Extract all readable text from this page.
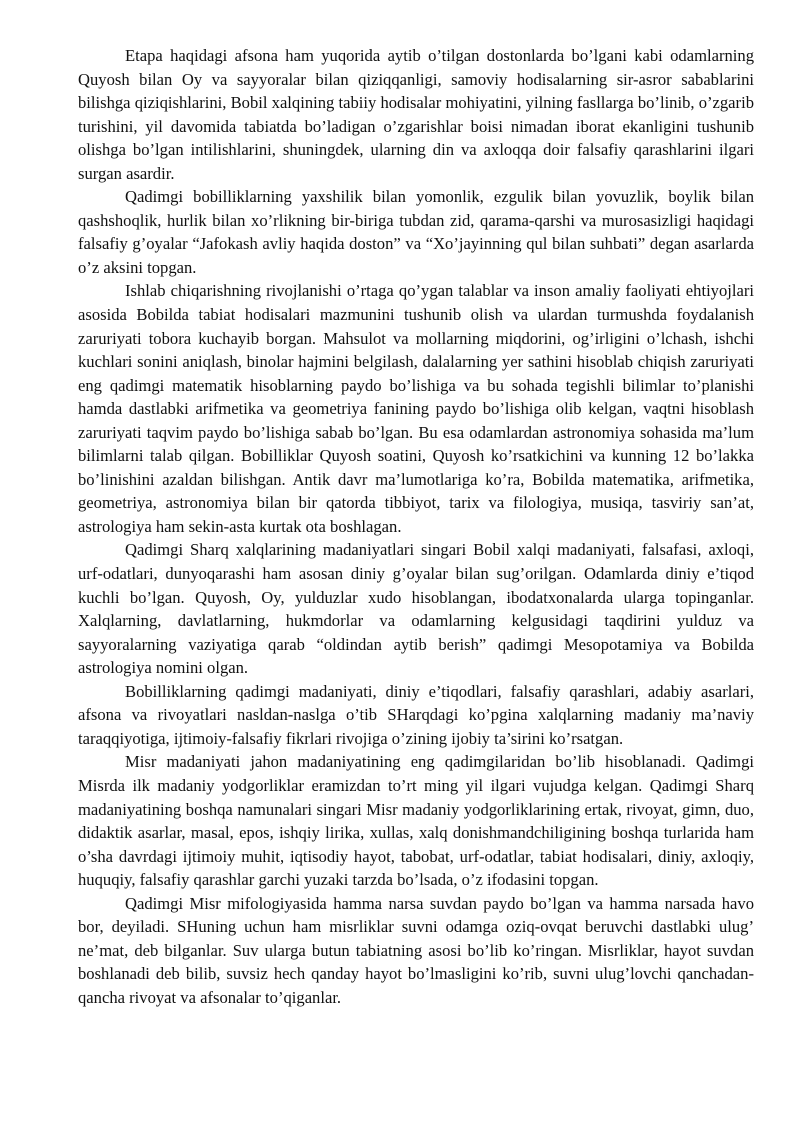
Etapa haqidagi afsona ham yuqorida aytib o’tilgan dostonlarda bo’lgani kabi odamlarning Quyosh bilan Oy va sayyoralar bilan qiziqqanligi, samoviy hodisalarning sir-asror sabablarini bilishga qiziqishlarini, Bobil xalqining tabiiy hodisalar mohiyatini, yilning fasllarga bo’linib, o’zgarib turishini, yil davomida tabiatda bo’ladigan o’zgarishlar boisi nimadan iborat ekanligini tushunib olishga bo’lgan intilishlarini, shuningdek, ularning din va axloqqa doir falsafiy qarashlarini ilgari surgan asardir.

Qadimgi bobilliklarning yaxshilik bilan yomonlik, ezgulik bilan yovuzlik, boylik bilan qashshoqlik, hurlik bilan xo’rlikning bir-biriga tubdan zid, qarama-qarshi va murosasizligi haqidagi falsafiy g’oyalar “Jafokash avliy haqida doston” va “Xo’jayinning qul bilan suhbati” degan asarlarda o’z aksini topgan.

Ishlab chiqarishning rivojlanishi o’rtaga qo’ygan talablar va inson amaliy faoliyati ehtiyojlari asosida Bobilda tabiat hodisalari mazmunini tushunib olish va ulardan turmushda foydalanish zaruriyati tobora kuchayib borgan. Mahsulot va mollarning miqdorini, og’irligini o’lchash, ishchi kuchlari sonini aniqlash, binolar hajmini belgilash, dalalarning yer sathini hisoblab chiqish zaruriyati eng qadimgi matematik hisoblarning paydo bo’lishiga va bu sohada tegishli bilimlar to’planishi hamda dastlabki arifmetika va geometriya fanining paydo bo’lishiga olib kelgan, vaqtni hisoblash zaruriyati taqvim paydo bo’lishiga sabab bo’lgan. Bu esa odamlardan astronomiya sohasida ma’lum bilimlarni talab qilgan. Bobilliklar Quyosh soatini, Quyosh ko’rsatkichini va kunning 12 bo’lakka bo’linishini azaldan bilishgan. Antik davr ma’lumotlariga ko’ra, Bobilda matematika, arifmetika, geometriya, astronomiya bilan bir qatorda tibbiyot, tarix va filologiya, musiqa, tasviriy san’at, astrologiya ham sekin-asta kurtak ota boshlagan.

Qadimgi Sharq xalqlarining madaniyatlari singari Bobil xalqi madaniyati, falsafasi, axloqi, urf-odatlari, dunyoqarashi ham asosan diniy g’oyalar bilan sug’orilgan. Odamlarda diniy e’tiqod kuchli bo’lgan. Quyosh, Oy, yulduzlar xudo hisoblangan, ibodatxonalarda ularga topinganlar. Xalqlarning, davlatlarning, hukmdorlar va odamlarning kelgusidagi taqdirini yulduz va sayyoralarning vaziyatiga qarab “oldindan aytib berish” qadimgi Mesopotamiya va Bobilda astrologiya nomini olgan.

Bobilliklarning qadimgi madaniyati, diniy e’tiqodlari, falsafiy qarashlari, adabiy asarlari, afsona va rivoyatlari nasldan-naslga o’tib SHarqdagi ko’pgina xalqlarning madaniy ma’naviy taraqqiyotiga, ijtimoiy-falsafiy fikrlari rivojiga o’zining ijobiy ta’sirini ko’rsatgan.

Misr madaniyati jahon madaniyatining eng qadimgilaridan bo’lib hisoblanadi. Qadimgi Misrda ilk madaniy yodgorliklar eramizdan to’rt ming yil ilgari vujudga kelgan. Qadimgi Sharq madaniyatining boshqa namunalari singari Misr madaniy yodgorliklarining ertak, rivoyat, gimn, duo, didaktik asarlar, masal, epos, ishqiy lirika, xullas, xalq donishmandchiligining boshqa turlarida ham o’sha davrdagi ijtimoiy muhit, iqtisodiy hayot, tabobat, urf-odatlar, tabiat hodisalari, diniy, axloqiy, huquqiy, falsafiy qarashlar garchi yuzaki tarzda bo’lsada, o’z ifodasini topgan.

Qadimgi Misr mifologiyasida hamma narsa suvdan paydo bo’lgan va hamma narsada havo bor, deyiladi. SHuning uchun ham misrliklar suvni odamga oziq-ovqat beruvchi dastlabki ulug’ ne’mat, deb bilganlar. Suv ularga butun tabiatning asosi bo’lib ko’ringan. Misrliklar, hayot suvdan boshlanadi deb bilib, suvsiz hech qanday hayot bo’lmasligini ko’rib, suvni ulug’lovchi qanchadan-qancha rivoyat va afsonalar to’qiganlar.
